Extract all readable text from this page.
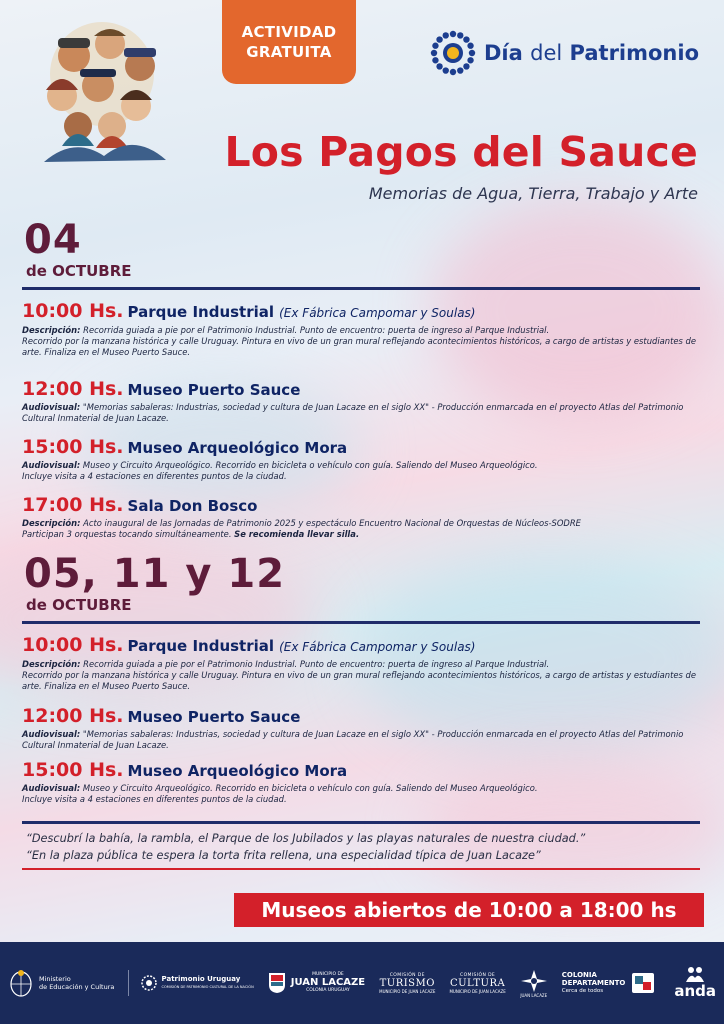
ACTIVIDAD
GRATUITA	Día del Patrimonio
Los Pagos del Sauce
Memorias de Agua, Tierra, Trabajo y Arte
04
de OCTUBRE
10:00 Hs. Parque Industrial (Ex Fábrica Campomar y Soulas)
Descripción: Recorrida guiada a pie por el Patrimonio Industrial. Punto de encuentro: puerta de ingreso al Parque Industrial.
Recorrido por la manzana histórica y calle Uruguay. Pintura en vivo de un gran mural reflejando acontecimientos históricos, a cargo de artistas y estudiantes de arte. Finaliza en el Museo Puerto Sauce.
12:00 Hs. Museo Puerto Sauce
Audiovisual: "Memorias sabaleras: Industrias, sociedad y cultura de Juan Lacaze en el siglo XX" - Producción enmarcada en el proyecto Atlas del Patrimonio Cultural Inmaterial de Juan Lacaze.
15:00 Hs. Museo Arqueológico Mora
Audiovisual: Museo y Circuito Arqueológico. Recorrido en bicicleta o vehículo con guía. Saliendo del Museo Arqueológico.
Incluye visita a 4 estaciones en diferentes puntos de la ciudad.
17:00 Hs. Sala Don Bosco
Descripción: Acto inaugural de las Jornadas de Patrimonio 2025 y espectáculo Encuentro Nacional de Orquestas de Núcleos-SODRE
Participan 3 orquestas tocando simultáneamente. Se recomienda llevar silla.
05, 11 y 12
de OCTUBRE
10:00 Hs. Parque Industrial (Ex Fábrica Campomar y Soulas)
Descripción: Recorrida guiada a pie por el Patrimonio Industrial. Punto de encuentro: puerta de ingreso al Parque Industrial.
Recorrido por la manzana histórica y calle Uruguay. Pintura en vivo de un gran mural reflejando acontecimientos históricos, a cargo de artistas y estudiantes de arte. Finaliza en el Museo Puerto Sauce.
12:00 Hs. Museo Puerto Sauce
Audiovisual: "Memorias sabaleras: Industrias, sociedad y cultura de Juan Lacaze en el siglo XX" - Producción enmarcada en el proyecto Atlas del Patrimonio Cultural Inmaterial de Juan Lacaze.
15:00 Hs. Museo Arqueológico Mora
Audiovisual: Museo y Circuito Arqueológico. Recorrido en bicicleta o vehículo con guía. Saliendo del Museo Arqueológico.
Incluye visita a 4 estaciones en diferentes puntos de la ciudad.
“Descubrí la bahía, la rambla, el Parque de los Jubilados y las playas naturales de nuestra ciudad.”
“En la plaza pública te espera la torta frita rellena, una especialidad típica de Juan Lacaze”
Museos abiertos de 10:00 a 18:00 hs
Ministerio
de Educación y Cultura
Patrimonio Uruguay
COMISIÓN DE PATRIMONIO CULTURAL DE LA NACIÓN
MUNICIPIO DE
JUAN LACAZE
COLONIA URUGUAY
COMISIÓN DE
TURISMO
MUNICIPIO DE JUAN LACAZE
COMISIÓN DE
CULTURA
MUNICIPIO DE JUAN LACAZE
JUAN LACAZE
COLONIA
DEPARTAMENTO
Cerca de todos	anda
